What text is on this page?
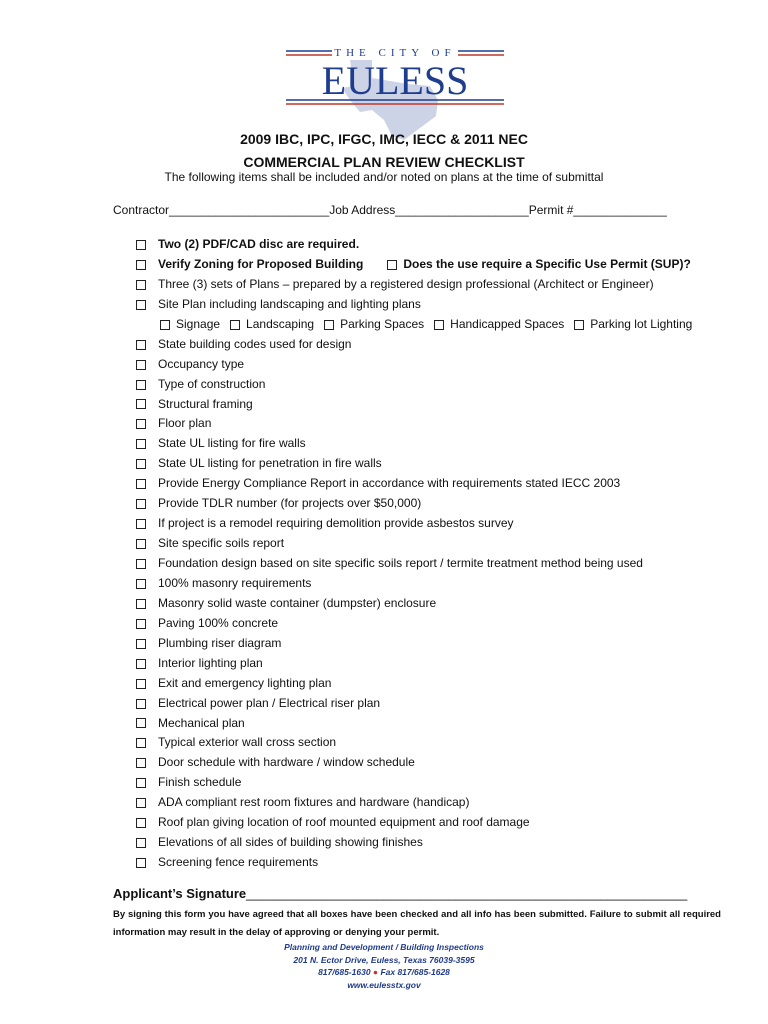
THE CITY OF
EULESS
2009 IBC, IPC, IFGC, IMC, IECC & 2011 NEC
COMMERCIAL PLAN REVIEW CHECKLIST
The following items shall be included and/or noted on plans at the time of submittal
Contractor________________________Job Address____________________Permit #______________
Two (2) PDF/CAD disc are required.
Verify Zoning for Proposed Building	Does the use require a Specific Use Permit (SUP)?
Three (3) sets of Plans – prepared by a registered design professional (Architect or Engineer)
Site Plan including landscaping and lighting plans
Signage Landscaping Parking Spaces Handicapped Spaces Parking lot Lighting
State building codes used for design
Occupancy type
Type of construction
Structural framing
Floor plan
State UL listing for fire walls
State UL listing for penetration in fire walls
Provide Energy Compliance Report in accordance with requirements stated IECC 2003
Provide TDLR number (for projects over $50,000)
If project is a remodel requiring demolition provide asbestos survey
Site specific soils report
Foundation design based on site specific soils report / termite treatment method being used
100% masonry requirements
Masonry solid waste container (dumpster) enclosure
Paving 100% concrete
Plumbing riser diagram
Interior lighting plan
Exit and emergency lighting plan
Electrical power plan / Electrical riser plan
Mechanical plan
Typical exterior wall cross section
Door schedule with hardware / window schedule
Finish schedule
ADA compliant rest room fixtures and hardware (handicap)
Roof plan giving location of roof mounted equipment and roof damage
Elevations of all sides of building showing finishes
Screening fence requirements
Applicant’s Signature_____________________________________________________________
By signing this form you have agreed that all boxes have been checked and all info has been submitted. Failure to submit all required information may result in the delay of approving or denying your permit.
Planning and Development / Building Inspections
201 N. Ector Drive, Euless, Texas 76039-3595
817/685-1630 ● Fax 817/685-1628
www.eulesstx.gov
